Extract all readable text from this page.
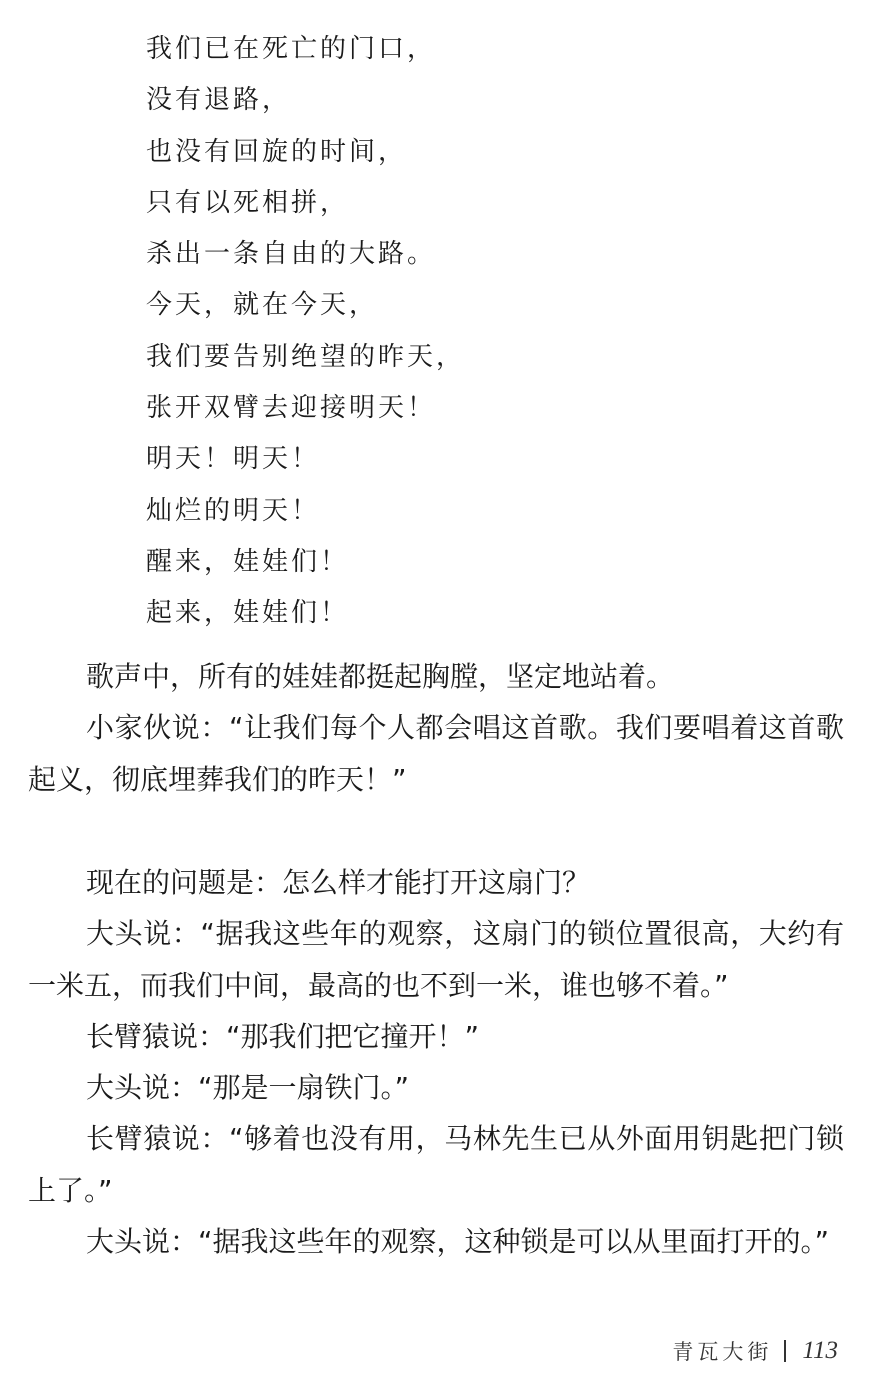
我们已在死亡的门口，
没有退路，
也没有回旋的时间，
只有以死相拼，
杀出一条自由的大路。
今天，就在今天，
我们要告别绝望的昨天，
张开双臂去迎接明天！
明天！明天！
灿烂的明天！
醒来，娃娃们！
起来，娃娃们！

歌声中，所有的娃娃都挺起胸膛，坚定地站着。

小家伙说：“让我们每个人都会唱这首歌。我们要唱着这首歌起义，彻底埋葬我们的昨天！”

现在的问题是：怎么样才能打开这扇门？

大头说：“据我这些年的观察，这扇门的锁位置很高，大约有一米五，而我们中间，最高的也不到一米，谁也够不着。”

长臂猿说：“那我们把它撞开！”

大头说：“那是一扇铁门。”

长臂猿说：“够着也没有用，马林先生已从外面用钥匙把门锁上了。”

大头说：“据我这些年的观察，这种锁是可以从里面打开的。”

青瓦大街 113
